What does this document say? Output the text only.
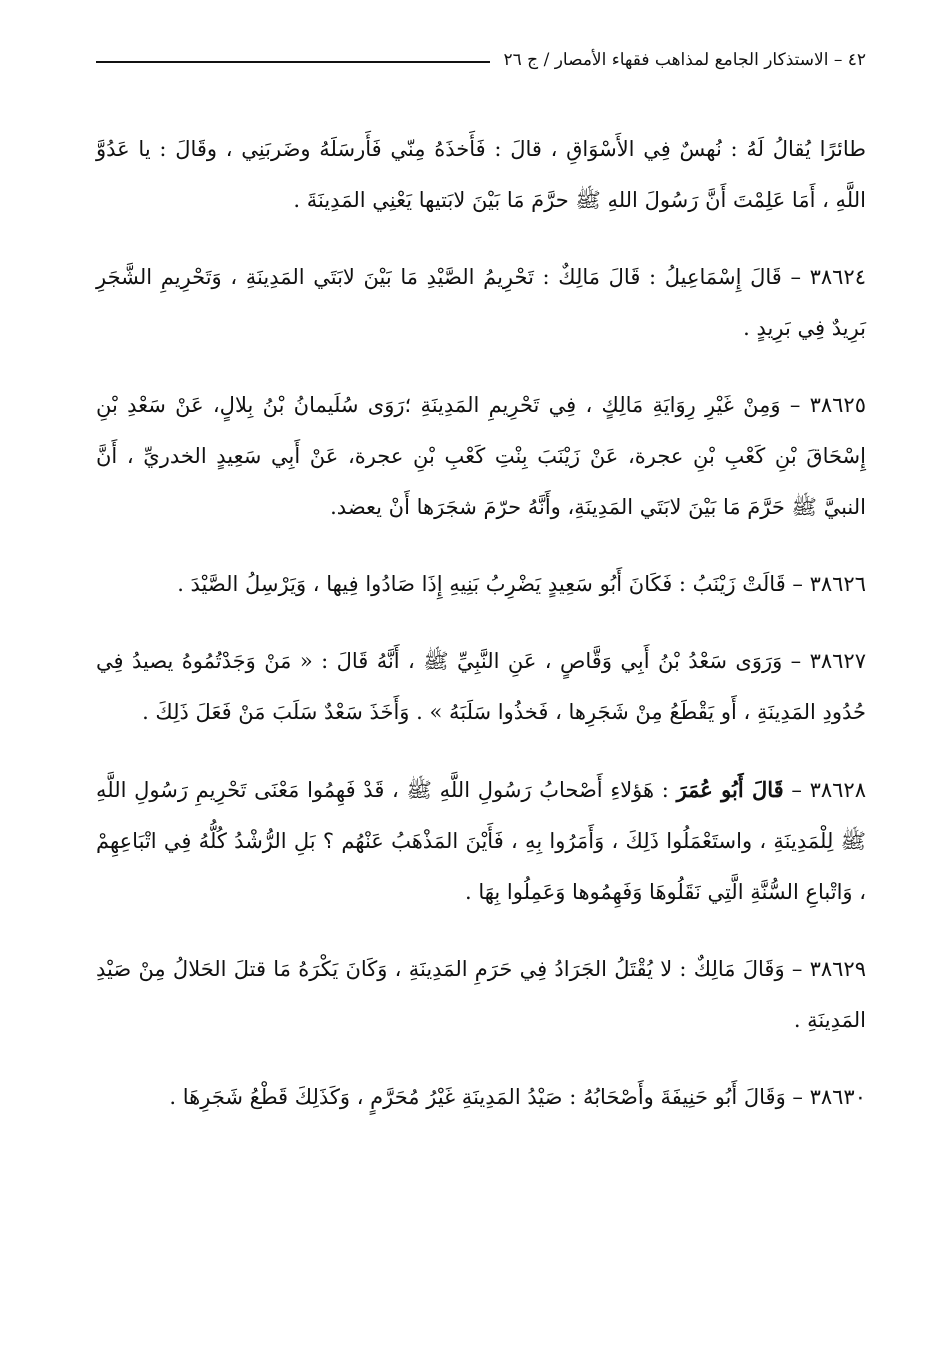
٤٢ – الاستذكار الجامع لمذاهب فقهاء الأمصار / ج ٢٦

طائرًا يُقالُ لَهُ : نُهسٌ فِي الأَسْوَاقِ ، قالَ : فَأَخذَهُ مِنّي فَأَرسَلَهُ وضَربَنِي ، وقَالَ : يا عَدُوَّ اللَّهِ ، أَمَا عَلِمْتَ أَنَّ رَسُولَ اللهِ ﷺ حرَّمَ مَا بَيْنَ لابَتيها يَعْنِي المَدِينَةَ .

٣٨٦٢٤ – قَالَ إِسْمَاعِيلُ : قَالَ مَالِكٌ : تَحْرِيمُ الصَّيْدِ مَا بَيْنَ لابَتَي المَدِينَةِ ، وَتَحْرِيمِ الشَّجَرِ بَرِيدٌ فِي بَرِيدٍ .

٣٨٦٢٥ – وَمِنْ غَيْرِ رِوَايَةِ مَالِكٍ ، فِي تَحْرِيمِ المَدِينَةِ ؛رَوَى سُلَيمانُ بْنُ بِلالٍ، عَنْ سَعْدِ بْنِ إِسْحَاقَ بْنِ كَعْبِ بْنِ عجرة، عَنْ زَيْنَبَ بِنْتِ كَعْبِ بْنِ عجرة، عَنْ أَبِي سَعِيدٍ الخدريِّ ، أَنَّ النبيَّ ﷺ حَرَّمَ مَا بَيْنَ لابَتَي المَدِينَةِ، وأَنَّهُ حرّمَ شجَرَها أَنْ يعضد.

٣٨٦٢٦ – قَالَتْ زَيْنَبُ : فَكَانَ أَبُو سَعِيدٍ يَضْرِبُ بَنِيهِ إِذَا صَادُوا فِيها ، وَيَرْسِلُ الصَّيْدَ .

٣٨٦٢٧ – وَرَوَى سَعْدُ بْنُ أَبِي وَقَّاصٍ ، عَنِ النَّبِيِّ ﷺ ، أَنَّهُ قَالَ : « مَنْ وَجَدْتُمُوهُ يصيدُ فِي حُدُودِ المَدِينَةِ ، أَو يَقْطَعُ مِنْ شَجَرِها ، فَخذُوا سَلَبَهُ » . وَأَخَذَ سَعْدٌ سَلَبَ مَنْ فَعَلَ ذَلِكَ .

٣٨٦٢٨ – قَالَ أَبُو عُمَرَ : هَؤلاءِ أَصْحابُ رَسُولِ اللَّهِ ﷺ ، قَدْ فَهِمُوا مَعْنَى تَحْرِيمِ رَسُولِ اللَّهِ ﷺ لِلْمَدِينَةِ ، واستَعْمَلُوا ذَلِكَ ، وَأَمَرُوا بِهِ ، فَأَيْنَ المَذْهَبُ عَنْهُم ؟ بَلِ الرُّشْدُ كُلُّهُ فِي اتْبَاعِهِمْ ، وَاتْباعِ السُّنَّةِ الَّتِي نَقَلُوهَا وَفَهِمُوها وَعَمِلُوا بِهَا .

٣٨٦٢٩ – وَقَالَ مَالِكٌ : لا يُقْتَلُ الجَرَادُ فِي حَرَمِ المَدِينَةِ ، وَكَانَ يَكْرَهُ مَا قتلَ الحَلالُ مِنْ صَيْدِ المَدِينَةِ .

٣٨٦٣٠ – وَقَالَ أَبُو حَنِيفَةَ وأَصْحَابُهُ : صَيْدُ المَدِينَةِ غَيْرُ مُحَرَّمٍ ، وَكَذَلِكَ قَطْعُ شَجَرِهَا .
